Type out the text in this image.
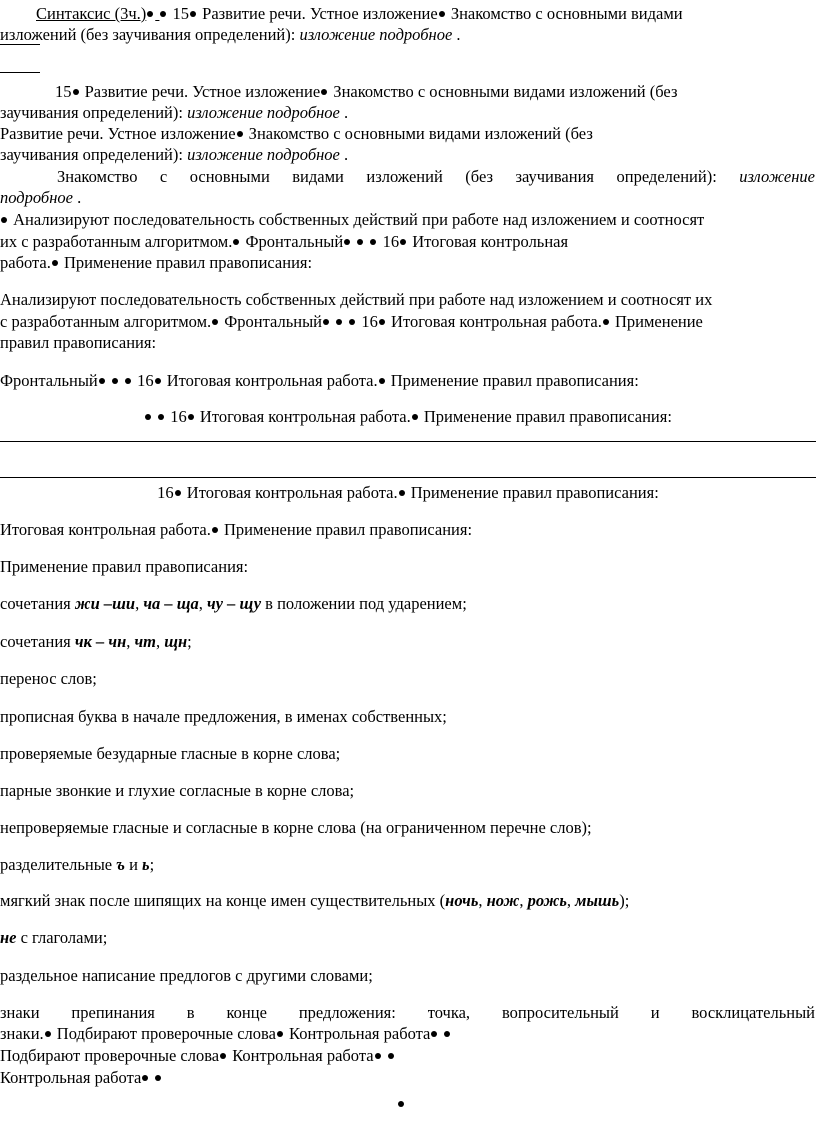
Синтаксис (3ч.) 15 Развитие речи. Устное изложение Знакомство с основными видами
изложений (без заучивания определений): изложение подробное .
15 Развитие речи. Устное изложение Знакомство с основными видами изложений (без
заучивания определений): изложение подробное .
Развитие речи. Устное изложение Знакомство с основными видами изложений (без
заучивания определений): изложение подробное .
Знакомство с основными видами изложений (без заучивания определений): изложение
подробное .
Анализируют последовательность собственных действий при работе над изложением и соотносят
их с разработанным алгоритмом. Фронтальный 16 Итоговая контрольная
работа. Применение правил правописания:
Анализируют последовательность собственных действий при работе над изложением и соотносят их
с разработанным алгоритмом. Фронтальный 16 Итоговая контрольная работа. Применение
правил правописания:
Фронтальный 16 Итоговая контрольная работа. Применение правил правописания:
16 Итоговая контрольная работа. Применение правил правописания:
16 Итоговая контрольная работа. Применение правил правописания:
Итоговая контрольная работа. Применение правил правописания:
Применение правил правописания:
сочетания жи –ши, ча – ща, чу – щу в положении под ударением;
сочетания чк – чн, чт, щн;
перенос слов;
прописная буква в начале предложения, в именах собственных;
проверяемые безударные гласные в корне слова;
парные звонкие и глухие согласные в корне слова;
непроверяемые гласные и согласные в корне слова (на ограниченном перечне слов);
разделительные ъ и ь;
мягкий знак после шипящих на конце имен существительных (ночь, нож, рожь, мышь);
не с глаголами;
раздельное написание предлогов с другими словами;
знаки препинания в конце предложения: точка, вопросительный и восклицательный
знаки. Подбирают проверочные слова Контрольная работа
Подбирают проверочные слова Контрольная работа
Контрольная работа
